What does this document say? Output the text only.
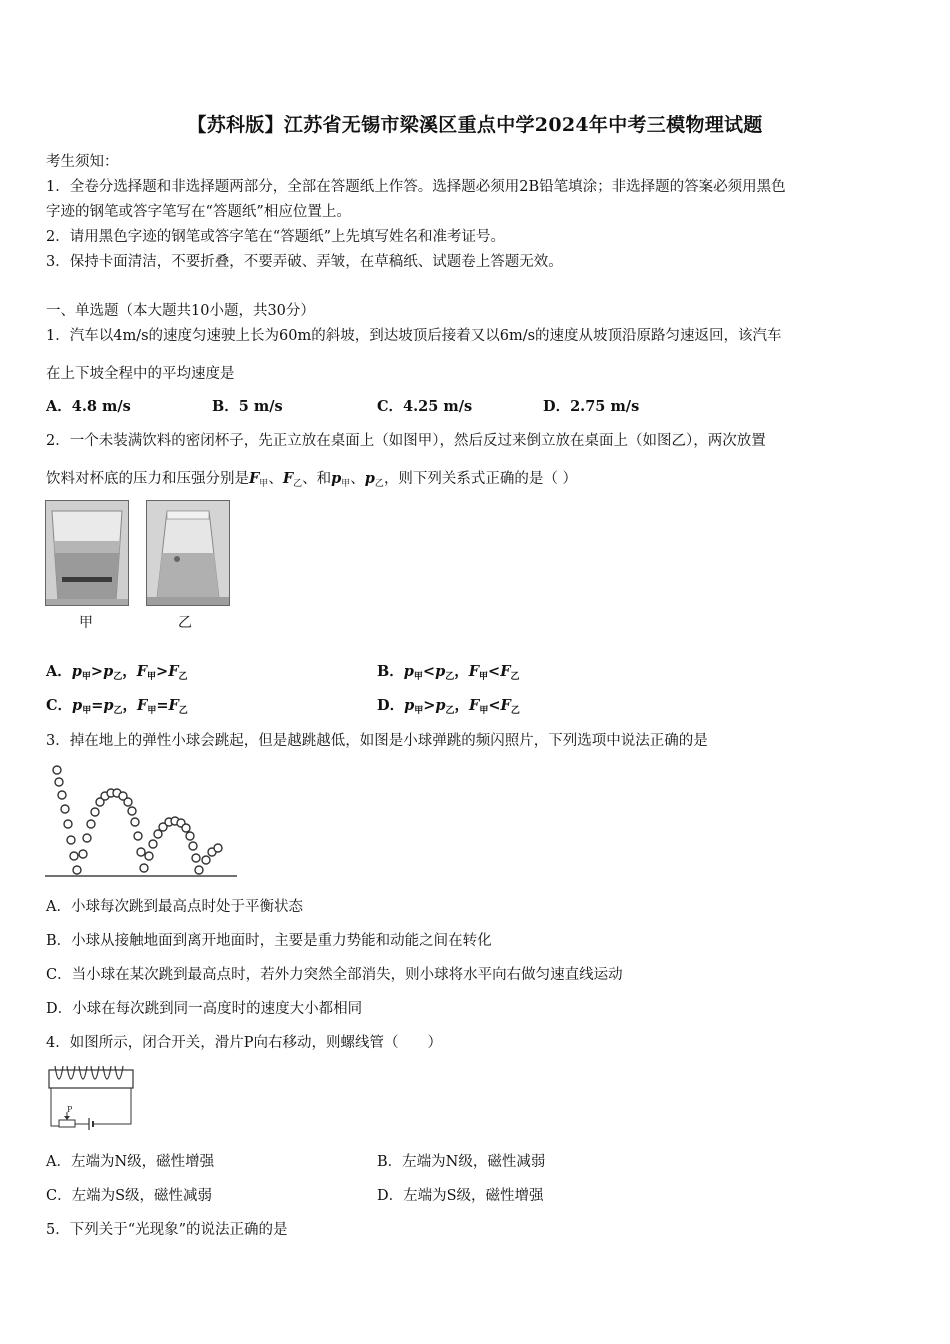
【苏科版】江苏省无锡市梁溪区重点中学2024年中考三模物理试题
考生须知：
1．全卷分选择题和非选择题两部分，全部在答题纸上作答。选择题必须用2B铅笔填涂；非选择题的答案必须用黑色
字迹的钢笔或答字笔写在“答题纸”相应位置上。
2．请用黑色字迹的钢笔或答字笔在“答题纸”上先填写姓名和准考证号。
3．保持卡面清洁，不要折叠，不要弄破、弄皱，在草稿纸、试题卷上答题无效。
一、单选题（本大题共10小题，共30分）
1．汽车以4m/s的速度匀速驶上长为60m的斜坡，到达坡顶后接着又以6m/s的速度从坡顶沿原路匀速返回，该汽车
在上下坡全程中的平均速度是
A．4.8 m/s	B．5 m/s	C．4.25 m/s	D．2.75 m/s
2．一个未装满饮料的密闭杯子，先正立放在桌面上（如图甲），然后反过来倒立放在桌面上（如图乙），两次放置
饮料对杯底的压力和压强分别是$F_甲$、$F_乙$、和$p_甲$、$p_乙$，则下列关系式正确的是（ ）
甲	乙
A．$p_甲>p_乙$，$F_甲>F_乙$	B．$p_甲<p_乙$，$F_甲<F_乙$
C．$p_甲=p_乙$，$F_甲=F_乙$	D．$p_甲>p_乙$，$F_甲<F_乙$
3．掉在地上的弹性小球会跳起，但是越跳越低，如图是小球弹跳的频闪照片，下列选项中说法正确的是
A．小球每次跳到最高点时处于平衡状态
B．小球从接触地面到离开地面时，主要是重力势能和动能之间在转化
C．当小球在某次跳到最高点时，若外力突然全部消失，则小球将水平向右做匀速直线运动
D．小球在每次跳到同一高度时的速度大小都相同
4．如图所示，闭合开关，滑片P向右移动，则螺线管（　　）
P
A．左端为N级，磁性增强	B．左端为N级，磁性减弱
C．左端为S级，磁性减弱	D．左端为S级，磁性增强
5．下列关于“光现象”的说法正确的是
